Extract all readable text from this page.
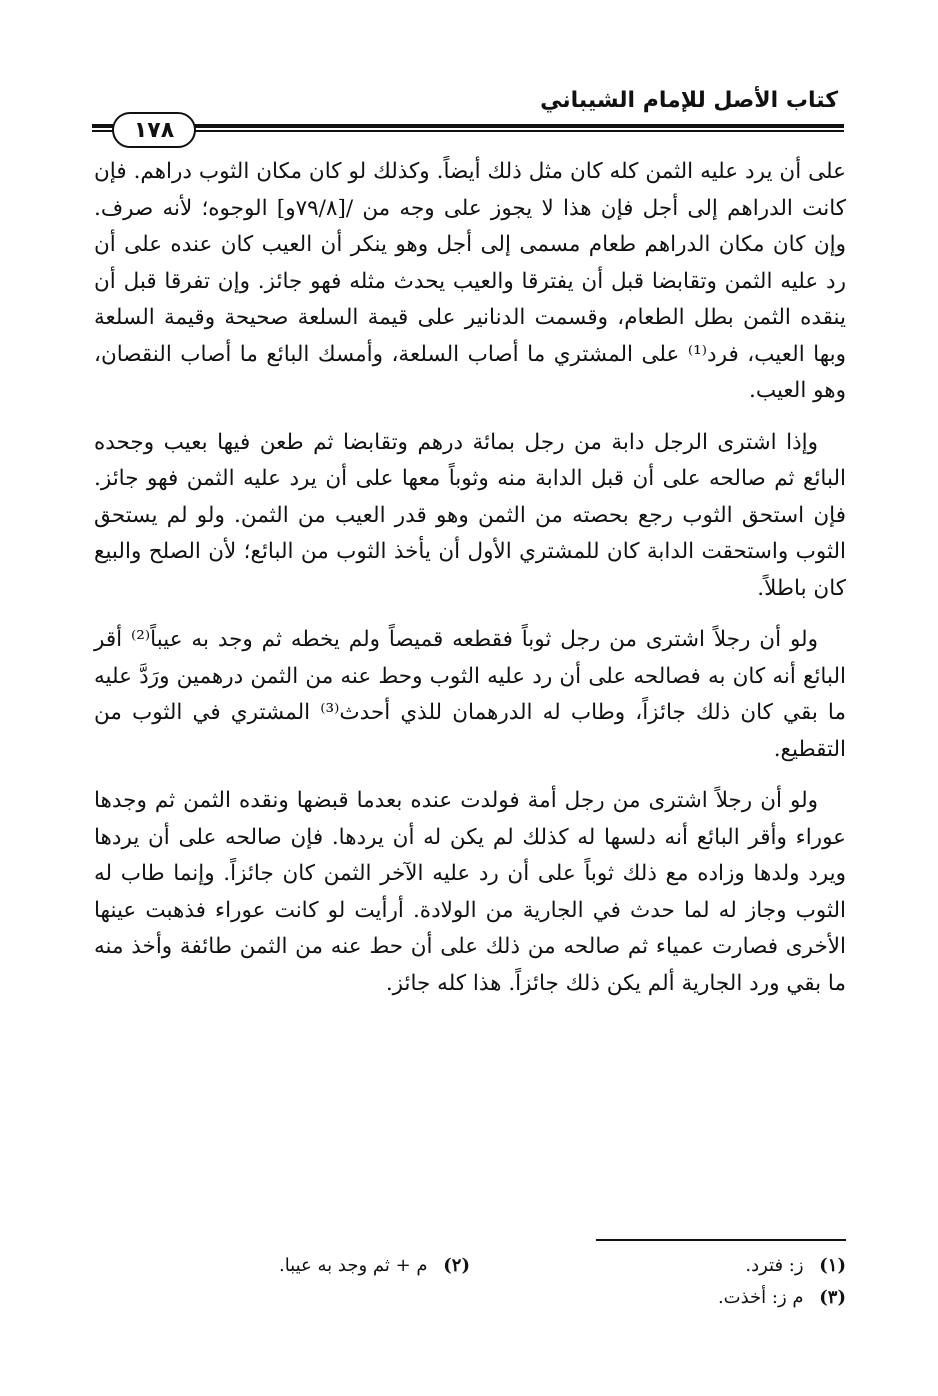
كتاب الأصل للإمام الشيباني
١٧٨

على أن يرد عليه الثمن كله كان مثل ذلك أيضاً. وكذلك لو كان مكان الثوب دراهم. فإن كانت الدراهم إلى أجل فإن هذا لا يجوز على وجه من /[٧٩/٨و] الوجوه؛ لأنه صرف. وإن كان مكان الدراهم طعام مسمى إلى أجل وهو ينكر أن العيب كان عنده على أن رد عليه الثمن وتقابضا قبل أن يفترقا والعيب يحدث مثله فهو جائز. وإن تفرقا قبل أن ينقده الثمن بطل الطعام، وقسمت الدنانير على قيمة السلعة صحيحة وقيمة السلعة وبها العيب، فرد⁽¹⁾ على المشتري ما أصاب السلعة، وأمسك البائع ما أصاب النقصان، وهو العيب.

وإذا اشترى الرجل دابة من رجل بمائة درهم وتقابضا ثم طعن فيها بعيب وجحده البائع ثم صالحه على أن قبل الدابة منه وثوباً معها على أن يرد عليه الثمن فهو جائز. فإن استحق الثوب رجع بحصته من الثمن وهو قدر العيب من الثمن. ولو لم يستحق الثوب واستحقت الدابة كان للمشتري الأول أن يأخذ الثوب من البائع؛ لأن الصلح والبيع كان باطلاً.

ولو أن رجلاً اشترى من رجل ثوباً فقطعه قميصاً ولم يخطه ثم وجد به عيباً⁽²⁾ أقر البائع أنه كان به فصالحه على أن رد عليه الثوب وحط عنه من الثمن درهمين ورَدَّ عليه ما بقي كان ذلك جائزاً، وطاب له الدرهمان للذي أحدث⁽³⁾ المشتري في الثوب من التقطيع.

ولو أن رجلاً اشترى من رجل أمة فولدت عنده بعدما قبضها ونقده الثمن ثم وجدها عوراء وأقر البائع أنه دلسها له كذلك لم يكن له أن يردها. فإن صالحه على أن يردها ويرد ولدها وزاده مع ذلك ثوباً على أن رد عليه الآخر الثمن كان جائزاً. وإنما طاب له الثوب وجاز له لما حدث في الجارية من الولادة. أرأيت لو كانت عوراء فذهبت عينها الأخرى فصارت عمياء ثم صالحه من ذلك على أن حط عنه من الثمن طائفة وأخذ منه ما بقي ورد الجارية ألم يكن ذلك جائزاً. هذا كله جائز.

(١) ز: فترد.
(٢) م + ثم وجد به عيبا.
(٣) م ز: أخذت.
